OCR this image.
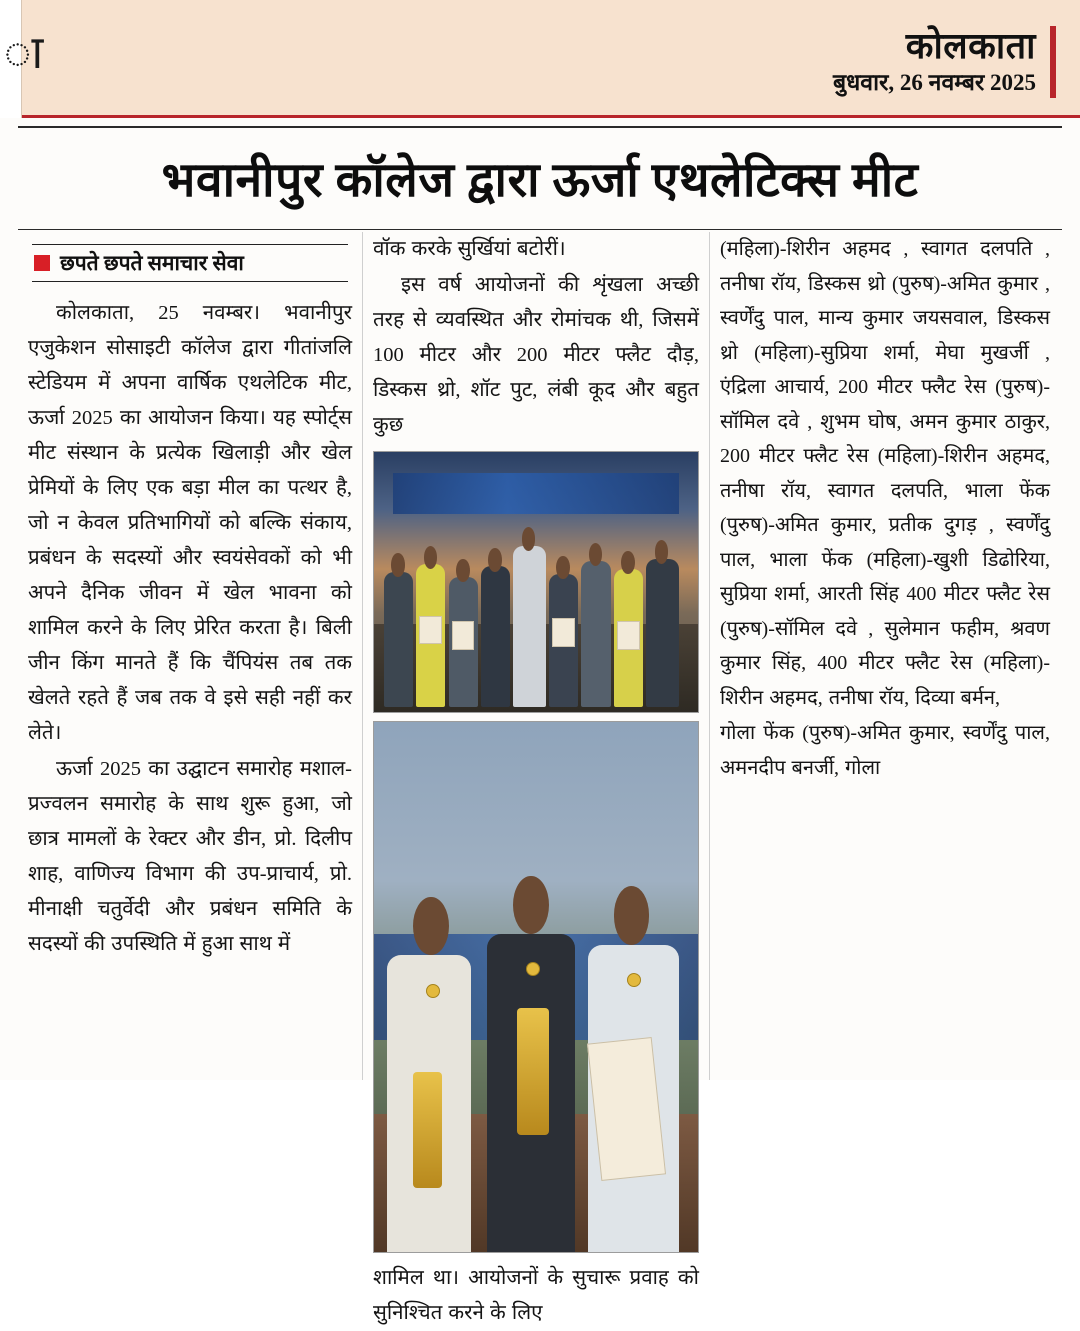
ा	कोलकाता
बुधवार, 26 नवम्बर 2025
भवानीपुर कॉलेज द्वारा ऊर्जा एथलेटिक्स मीट
छपते छपते समाचार सेवा

कोलकाता, 25 नवम्बर। भवानीपुर एजुकेशन सोसाइटी कॉलेज द्वारा गीतांजलि स्टेडियम में अपना वार्षिक एथलेटिक मीट, ऊर्जा 2025 का आयोजन किया। यह स्पोर्ट्स मीट संस्थान के प्रत्येक खिलाड़ी और खेल प्रेमियों के लिए एक बड़ा मील का पत्थर है, जो न केवल प्रतिभागियों को बल्कि संकाय, प्रबंधन के सदस्यों और स्वयंसेवकों को भी अपने दैनिक जीवन में खेल भावना को शामिल करने के लिए प्रेरित करता है। बिली जीन किंग मानते हैं कि चैंपियंस तब तक खेलते रहते हैं जब तक वे इसे सही नहीं कर लेते।

ऊर्जा 2025 का उद्घाटन समारोह मशाल-प्रज्वलन समारोह के साथ शुरू हुआ, जो छात्र मामलों के रेक्टर और डीन, प्रो. दिलीप शाह, वाणिज्य विभाग की उप-प्राचार्य, प्रो. मीनाक्षी चतुर्वेदी और प्रबंधन समिति के सदस्यों की उपस्थिति में हुआ साथ में

वॉक करके सुर्खियां बटोरीं।

इस वर्ष आयोजनों की शृंखला अच्छी तरह से व्यवस्थित और रोमांचक थी, जिसमें 100 मीटर और 200 मीटर फ्लैट दौड़, डिस्कस थ्रो, शॉट पुट, लंबी कूद और बहुत कुछ

शामिल था। आयोजनों के सुचारू प्रवाह को सुनिश्चित करने के लिए

(महिला)-शिरीन अहमद , स्वागत दलपति , तनीषा रॉय, डिस्कस थ्रो (पुरुष)-अमित कुमार , स्वर्णेंदु पाल, मान्य कुमार जयसवाल, डिस्कस थ्रो (महिला)-सुप्रिया शर्मा, मेघा मुखर्जी , एंद्रिला आचार्य, 200 मीटर फ्लैट रेस (पुरुष)-सॉमिल दवे , शुभम घोष, अमन कुमार ठाकुर, 200 मीटर फ्लैट रेस (महिला)-शिरीन अहमद, तनीषा रॉय, स्वागत दलपति, भाला फेंक (पुरुष)-अमित कुमार, प्रतीक दुगड़ , स्वर्णेंदु पाल, भाला फेंक (महिला)-खुशी डिढोरिया, सुप्रिया शर्मा, आरती सिंह 400 मीटर फ्लैट रेस (पुरुष)-सॉमिल दवे , सुलेमान फहीम, श्रवण कुमार सिंह, 400 मीटर फ्लैट रेस (महिला)-शिरीन अहमद, तनीषा रॉय, दिव्या बर्मन,

गोला फेंक (पुरुष)-अमित कुमार, स्वर्णेंदु पाल, अमनदीप बनर्जी, गोला
